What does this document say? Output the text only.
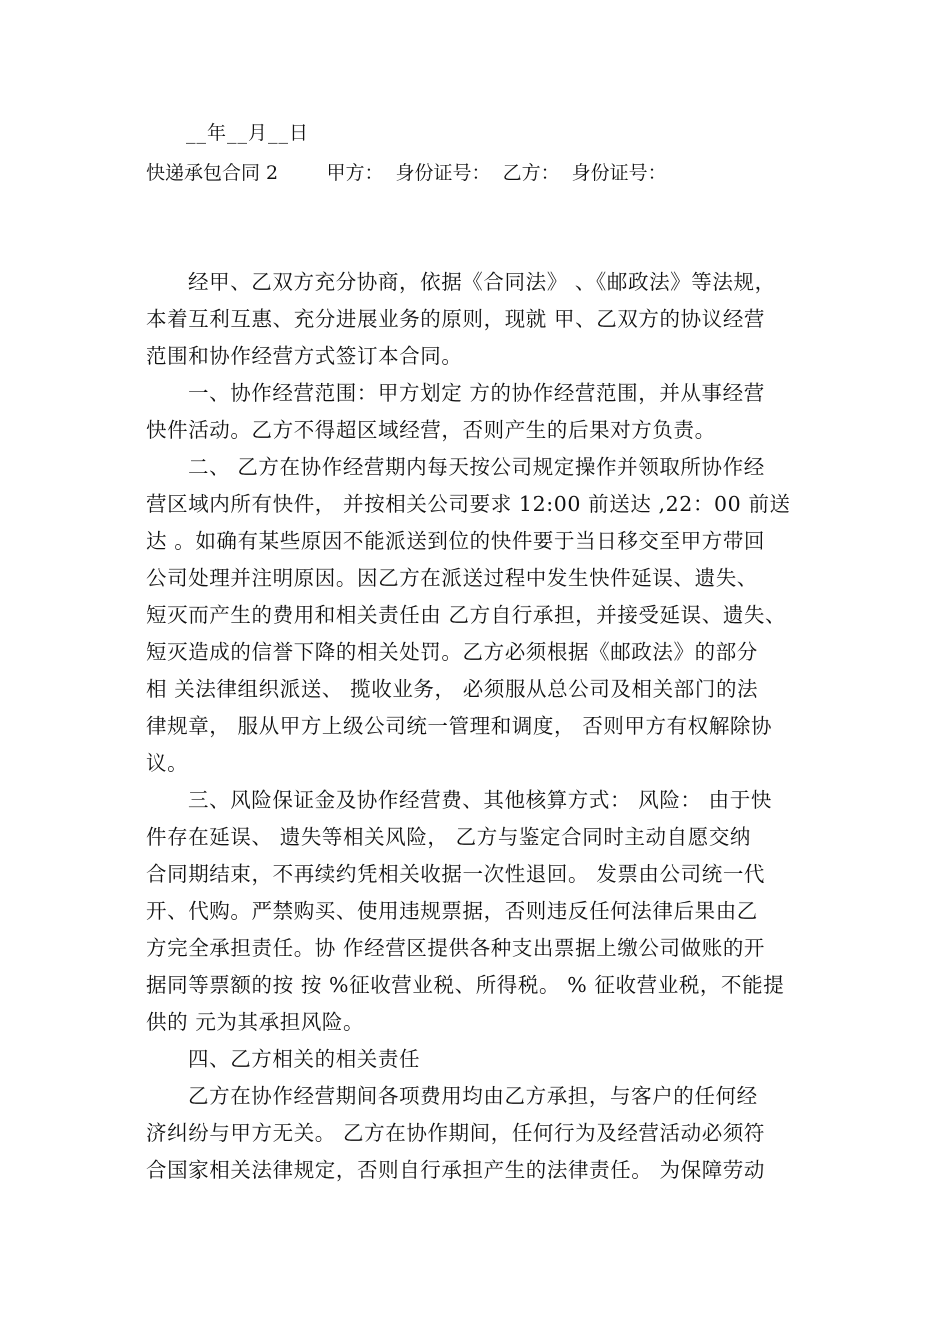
__年__月__日
快递承包合同 2        甲方：  身份证号：  乙方：  身份证号：
经甲、乙双方充分协商，依据《合同法》 、《邮政法》等法规，
本着互利互惠、充分进展业务的原则，现就 甲、乙双方的协议经营
范围和协作经营方式签订本合同。
一、协作经营范围：甲方划定 方的协作经营范围，并从事经营
快件活动。乙方不得超区域经营，否则产生的后果对方负责。
二、 乙方在协作经营期内每天按公司规定操作并领取所协作经
营区域内所有快件， 并按相关公司要求 12:00 前送达 ,22：00 前送
达 。如确有某些原因不能派送到位的快件要于当日移交至甲方带回
公司处理并注明原因。因乙方在派送过程中发生快件延误、遗失、
短灭而产生的费用和相关责任由 乙方自行承担，并接受延误、遗失、
短灭造成的信誉下降的相关处罚。乙方必须根据《邮政法》的部分
相 关法律组织派送、 揽收业务， 必须服从总公司及相关部门的法
律规章， 服从甲方上级公司统一管理和调度， 否则甲方有权解除协
议。
三、风险保证金及协作经营费、其他核算方式： 风险： 由于快
件存在延误、 遗失等相关风险， 乙方与鉴定合同时主动自愿交纳
合同期结束，不再续约凭相关收据一次性退回。 发票由公司统一代
开、代购。严禁购买、使用违规票据，否则违反任何法律后果由乙
方完全承担责任。协 作经营区提供各种支出票据上缴公司做账的开
据同等票额的按 按 %征收营业税、所得税。 % 征收营业税，不能提
供的 元为其承担风险。
四、乙方相关的相关责任
乙方在协作经营期间各项费用均由乙方承担，与客户的任何经
济纠纷与甲方无关。 乙方在协作期间，任何行为及经营活动必须符
合国家相关法律规定，否则自行承担产生的法律责任。 为保障劳动
